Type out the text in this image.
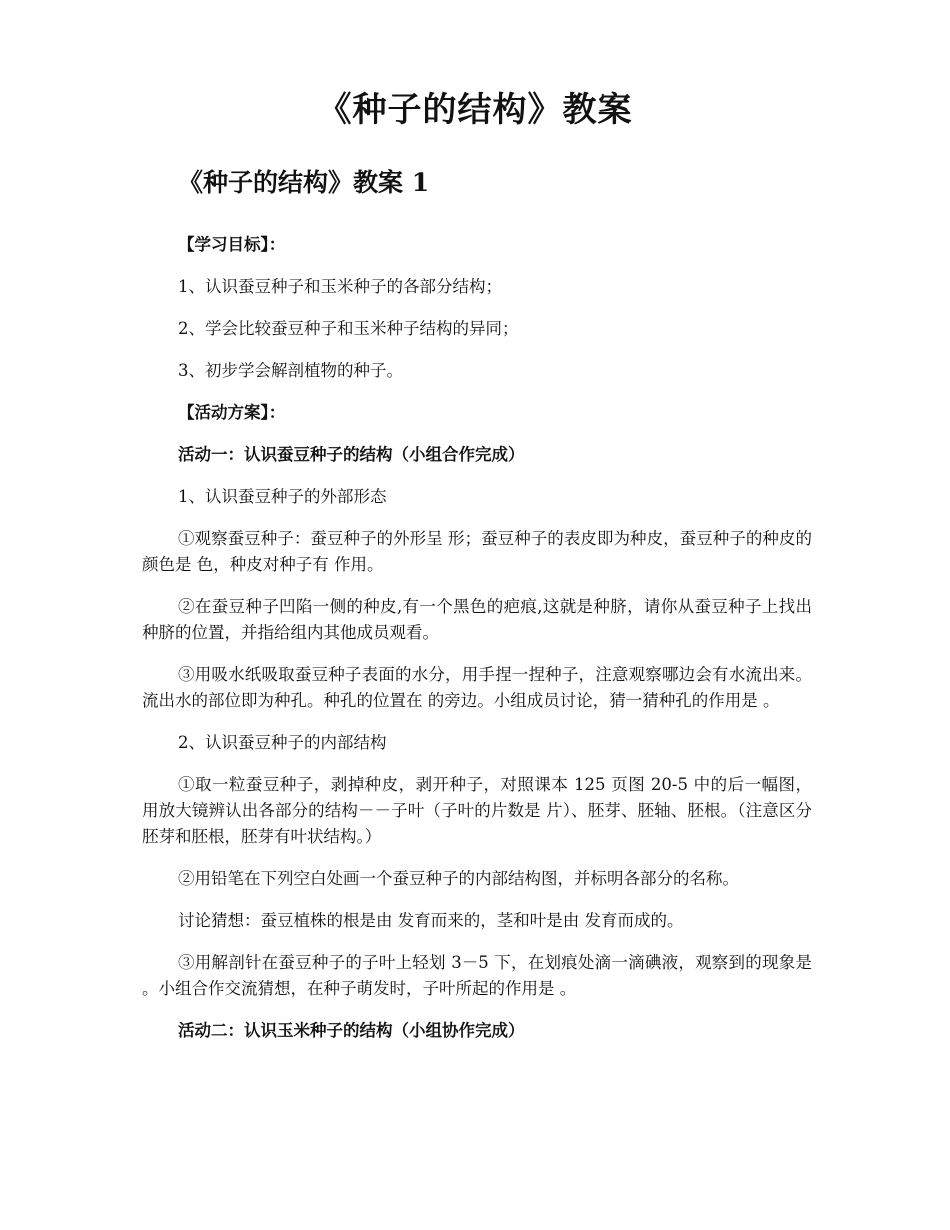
《种子的结构》教案
《种子的结构》教案 1

【学习目标】：

1、认识蚕豆种子和玉米种子的各部分结构；

2、学会比较蚕豆种子和玉米种子结构的异同；

3、初步学会解剖植物的种子。

【活动方案】：

活动一：认识蚕豆种子的结构（小组合作完成）

1、认识蚕豆种子的外部形态

①观察蚕豆种子：蚕豆种子的外形呈 形；蚕豆种子的表皮即为种皮，蚕豆种子的种皮的颜色是 色，种皮对种子有 作用。

②在蚕豆种子凹陷一侧的种皮,有一个黑色的疤痕,这就是种脐，请你从蚕豆种子上找出种脐的位置，并指给组内其他成员观看。

③用吸水纸吸取蚕豆种子表面的水分，用手捏一捏种子，注意观察哪边会有水流出来。流出水的部位即为种孔。种孔的位置在 的旁边。小组成员讨论，猜一猜种孔的作用是 。

2、认识蚕豆种子的内部结构

①取一粒蚕豆种子，剥掉种皮，剥开种子，对照课本 125 页图 20-5 中的后一幅图，用放大镜辨认出各部分的结构－－子叶（子叶的片数是 片）、胚芽、胚轴、胚根。（注意区分胚芽和胚根，胚芽有叶状结构。）

②用铅笔在下列空白处画一个蚕豆种子的内部结构图，并标明各部分的名称。

讨论猜想：蚕豆植株的根是由 发育而来的，茎和叶是由 发育而成的。

③用解剖针在蚕豆种子的子叶上轻划 3－5 下，在划痕处滴一滴碘液，观察到的现象是 。小组合作交流猜想，在种子萌发时，子叶所起的作用是 。

活动二：认识玉米种子的结构（小组协作完成）
